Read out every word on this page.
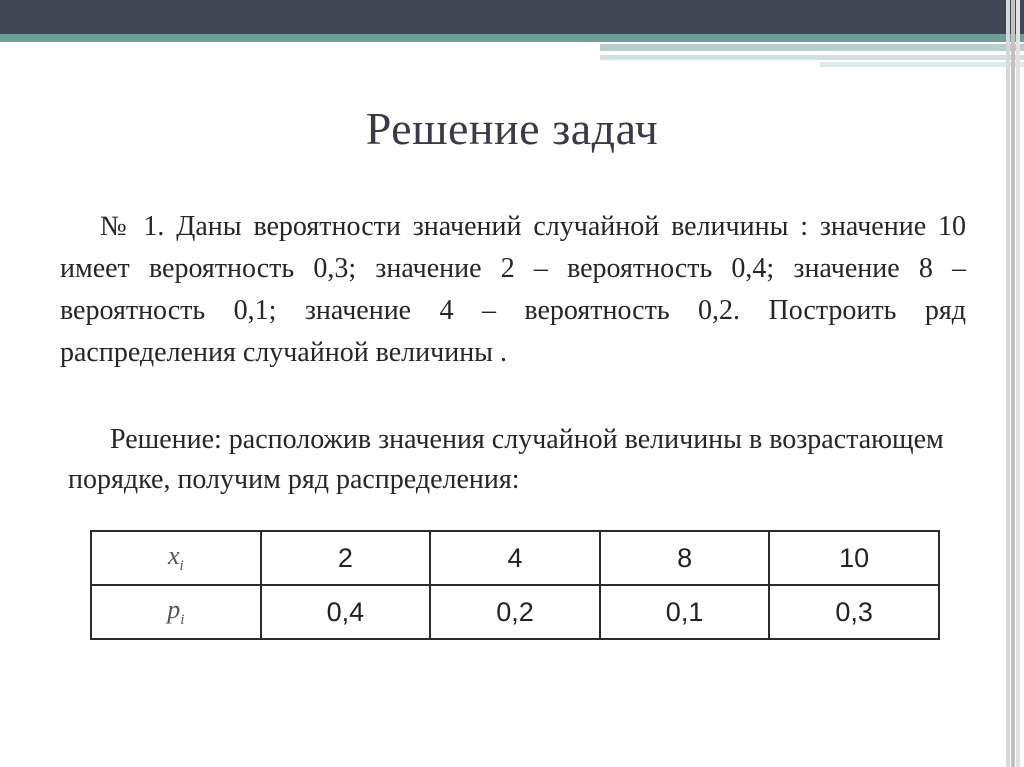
Решение задач
№ 1. Даны вероятности значений случайной величины : значение 10 имеет вероятность 0,3; значение 2 – вероятность 0,4; значение 8 – вероятность 0,1; значение 4 – вероятность 0,2. Построить ряд распределения случайной величины .
Решение: расположив значения случайной величины в возрастающем порядке, получим ряд распределения:
$x_i$	2	4	8	10
$p_i$	0,4	0,2	0,1	0,3
